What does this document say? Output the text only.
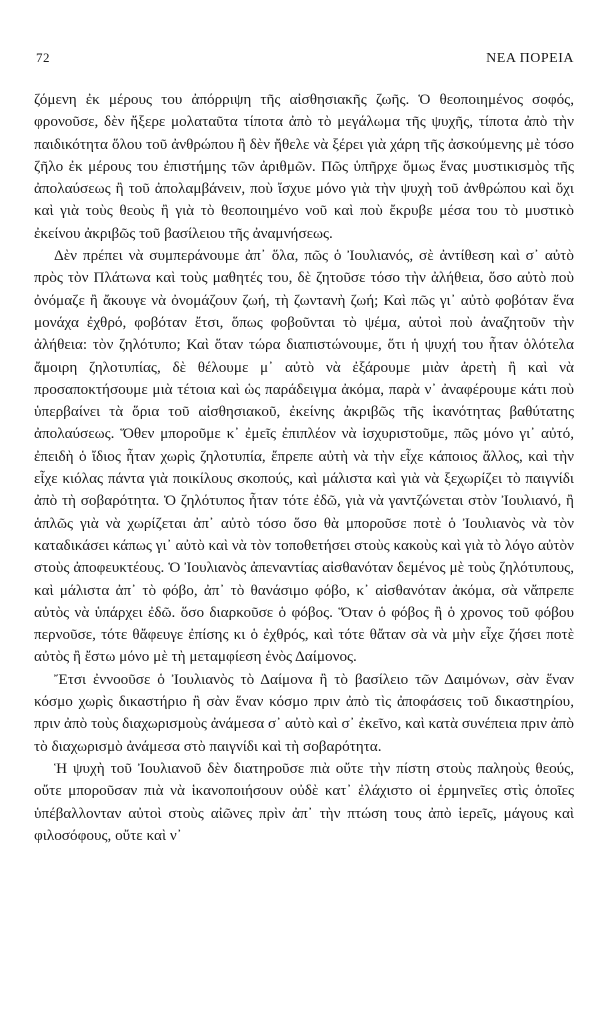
72	ΝΕΑ ΠΟΡΕΙΑ

ζόμενη ἐκ μέρους του ἀπόρριψη τῆς αἰσθησιακῆς ζωῆς. Ὁ θεοποιημένος σοφός, φρονοῦσε, δὲν ἤξερε μολαταῦτα τίποτα ἀπὸ τὸ μεγάλωμα τῆς ψυχῆς, τίποτα ἀπὸ τὴν παιδικότητα ὅλου τοῦ ἀνθρώπου ἢ δὲν ἤθελε νὰ ξέρει γιὰ χάρη τῆς ἀσκούμενης μὲ τόσο ζῆλο ἐκ μέρους του ἐπιστήμης τῶν ἀριθμῶν. Πῶς ὑπῆρχε ὅμως ἕνας μυστικισμὸς τῆς ἀπολαύσεως ἢ τοῦ ἀπολαμβάνειν, ποὺ ἴσχυε μόνο γιὰ τὴν ψυχὴ τοῦ ἀνθρώπου καὶ ὄχι καὶ γιὰ τοὺς θεοὺς ἢ γιὰ τὸ θεοποιημένο νοῦ καὶ ποὺ ἔκρυβε μέσα του τὸ μυστικὸ ἐκείνου ἀκριβῶς τοῦ βασίλειου τῆς ἀναμνήσεως.

Δὲν πρέπει νὰ συμπεράνουμε ἀπ᾽ ὅλα, πῶς ὁ Ἰουλιανός, σὲ ἀντίθεση καὶ σ᾽ αὐτὸ πρὸς τὸν Πλάτωνα καὶ τοὺς μαθητές του, δὲ ζητοῦσε τόσο τὴν ἀλήθεια, ὅσο αὐτὸ ποὺ ὀνόμαζε ἢ ἄκουγε νὰ ὀνομάζουν ζωή, τὴ ζωντανὴ ζωή; Καὶ πῶς γι᾽ αὐτὸ φοβόταν ἕνα μονάχα ἐχθρό, φοβόταν ἔτσι, ὅπως φοβοῦνται τὸ ψέμα, αὐτοὶ ποὺ ἀναζητοῦν τὴν ἀλήθεια: τὸν ζηλότυπο; Καὶ ὅταν τώρα διαπιστώνουμε, ὅτι ἡ ψυχή του ἦταν ὁλότελα ἄμοιρη ζηλοτυπίας, δὲ θέλουμε μ᾽ αὐτὸ νὰ ἐξάρουμε μιὰν ἀρετὴ ἢ καὶ νὰ προσαποκτήσουμε μιὰ τέτοια καὶ ὡς παράδειγμα ἀκόμα, παρὰ ν᾽ ἀναφέρουμε κάτι ποὺ ὑπερβαίνει τὰ ὅρια τοῦ αἰσθησιακοῦ, ἐκείνης ἀκριβῶς τῆς ἱκανότητας βαθύτατης ἀπολαύσεως. Ὅθεν μποροῦμε κ᾽ ἐμεῖς ἐπιπλέον νὰ ἰσχυριστοῦμε, πῶς μόνο γι᾽ αὐτό, ἐπειδὴ ὁ ἴδιος ἦταν χωρὶς ζηλοτυπία, ἔπρεπε αὐτὴ νὰ τὴν εἶχε κάποιος ἄλλος, καὶ τὴν εἶχε κιόλας πάντα γιὰ ποικίλους σκοπούς, καὶ μάλιστα καὶ γιὰ νὰ ξεχωρίζει τὸ παιγνίδι ἀπὸ τὴ σοβαρότητα. Ὁ ζηλότυπος ἦταν τότε ἐδῶ, γιὰ νὰ γαντζώνεται στὸν Ἰουλιανό, ἢ ἁπλῶς γιὰ νὰ χωρίζεται ἀπ᾽ αὐτὸ τόσο ὅσο θὰ μποροῦσε ποτὲ ὁ Ἰουλιανὸς νὰ τὸν καταδικάσει κάπως γι᾽ αὐτὸ καὶ νὰ τὸν τοποθετήσει στοὺς κακοὺς καὶ γιὰ τὸ λόγο αὐτὸν στοὺς ἀποφευκτέους. Ὁ Ἰουλιανὸς ἀπεναντίας αἰσθανόταν δεμένος μὲ τοὺς ζηλότυπους, καὶ μάλιστα ἀπ᾽ τὸ φόβο, ἀπ᾽ τὸ θανάσιμο φόβο, κ᾽ αἰσθανόταν ἀκόμα, σὰ νἄπρεπε αὐτὸς νὰ ὑπάρχει ἐδῶ. ὅσο διαρκοῦσε ὁ φόβος. Ὅταν ὁ φόβος ἢ ὁ χρονος τοῦ φόβου περνοῦσε, τότε θἄφευγε ἐπίσης κι ὁ ἐχθρός, καὶ τότε θἄταν σὰ νὰ μὴν εἶχε ζήσει ποτὲ αὐτὸς ἢ ἔστω μόνο μὲ τὴ μεταμφίεση ἑνὸς Δαίμονος.

Ἔτσι ἐννοοῦσε ὁ Ἰουλιανὸς τὸ Δαίμονα ἢ τὸ βασίλειο τῶν Δαιμόνων, σὰν ἕναν κόσμο χωρὶς δικαστήριο ἢ σὰν ἕναν κόσμο πριν ἀπὸ τὶς ἀποφάσεις τοῦ δικαστηρίου, πριν ἀπὸ τοὺς διαχωρισμοὺς ἀνάμεσα σ᾽ αὐτὸ καὶ σ᾽ ἐκεῖνο, καὶ κατὰ συνέπεια πριν ἀπὸ τὸ διαχωρισμὸ ἀνάμεσα στὸ παιγνίδι καὶ τὴ σοβαρότητα.

Ἡ ψυχὴ τοῦ Ἰουλιανοῦ δὲν διατηροῦσε πιὰ οὔτε τὴν πίστη στοὺς παληοὺς θεούς, οὔτε μποροῦσαν πιὰ νὰ ἱκανοποιήσουν οὐδὲ κατ᾽ ἐλάχιστο οἱ ἑρμηνεῖες στὶς ὁποῖες ὑπέβαλλονταν αὐτοὶ στοὺς αἰῶνες πρὶν ἀπ᾽ τὴν πτώση τους ἀπὸ ἱερεῖς, μάγους καὶ φιλοσόφους, οὔτε καὶ ν᾽
